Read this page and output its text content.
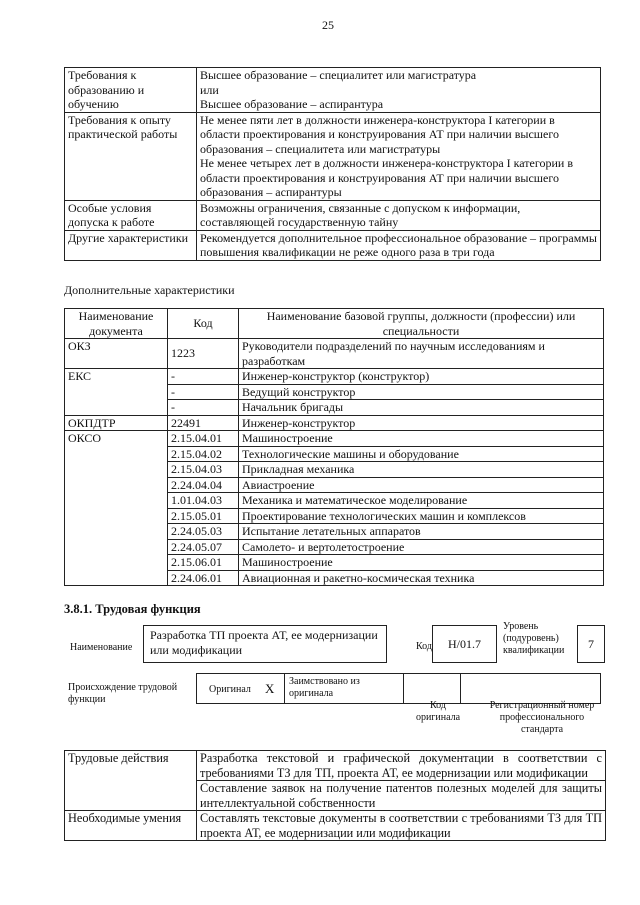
25
Требования к образованию и обучению	Высшее образование – специалитет или магистратура
или
Высшее образование – аспирантура

Требования к опыту практической работы	Не менее пяти лет в должности инженера-конструктора I категории в области проектирования и конструирования АТ при наличии высшего образования – специалитета или магистратуры
Не менее четырех лет в должности инженера-конструктора I категории в области проектирования и конструирования АТ при наличии высшего образования – аспирантуры

Особые условия допуска к работе	Возможны ограничения, связанные с допуском к информации, составляющей государственную тайну

Другие характеристики	Рекомендуется дополнительное профессиональное образование – программы повышения квалификации не реже одного раза в три года
Дополнительные характеристики
Наименование документа	Код	Наименование базовой группы, должности (профессии) или специальности
ОКЗ	1223	Руководители подразделений по научным исследованиям и разработкам
ЕКС	-	Инженер-конструктор (конструктор)
	-	Ведущий конструктор
	-	Начальник бригады
ОКПДТР	22491	Инженер-конструктор
ОКСО	2.15.04.01	Машиностроение
	2.15.04.02	Технологические машины и оборудование
	2.15.04.03	Прикладная механика
	2.24.04.04	Авиастроение
	1.01.04.03	Механика и математическое моделирование
	2.15.05.01	Проектирование технологических машин и комплексов
	2.24.05.03	Испытание летательных аппаратов
	2.24.05.07	Самолето- и вертолетостроение
	2.15.06.01	Машиностроение
	2.24.06.01	Авиационная и ракетно-космическая техника
3.8.1. Трудовая функция
Наименование
Разработка ТП проекта АТ, ее модернизации или модификации	Код	H/01.7
Уровень (подуровень) квалификации	7
Происхождение трудовой функции
Оригинал X	Заимствовано из оригинала
Код оригинала
Регистрационный номер профессионального стандарта
Трудовые действия	Разработка текстовой и графической документации в соответствии с требованиями ТЗ для ТП, проекта АТ, ее модернизации или модификации
	Составление заявок на получение патентов полезных моделей для защиты интеллектуальной собственности
Необходимые умения	Составлять текстовые документы в соответствии с требованиями ТЗ для ТП проекта АТ, ее модернизации или модификации
